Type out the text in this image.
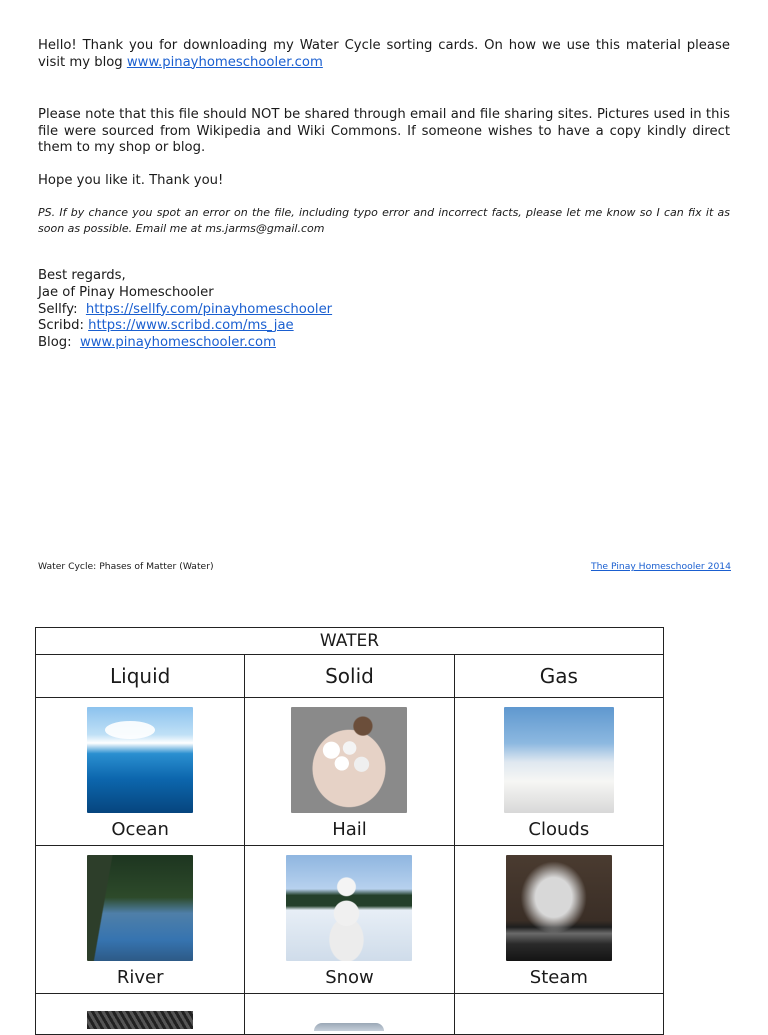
Hello! Thank you for downloading my Water Cycle sorting cards. On how we use this material please visit my blog www.pinayhomeschooler.com

Please note that this file should NOT be shared through email and file sharing sites. Pictures used in this file were sourced from Wikipedia and Wiki Commons. If someone wishes to have a copy kindly direct them to my shop or blog.

Hope you like it. Thank you!

PS. If by chance you spot an error on the file, including typo error and incorrect facts, please let me know so I can fix it as soon as possible. Email me at ms.jarms@gmail.com

Best regards,
Jae of Pinay Homeschooler
Sellfy: https://sellfy.com/pinayhomeschooler
Scribd: https://www.scribd.com/ms_jae
Blog: www.pinayhomeschooler.com
Water Cycle: Phases of Matter (Water)	The Pinay Homeschooler 2014
WATER		
Liquid	Solid	Gas

Ocean	Hail	Clouds

River	Snow	Steam
